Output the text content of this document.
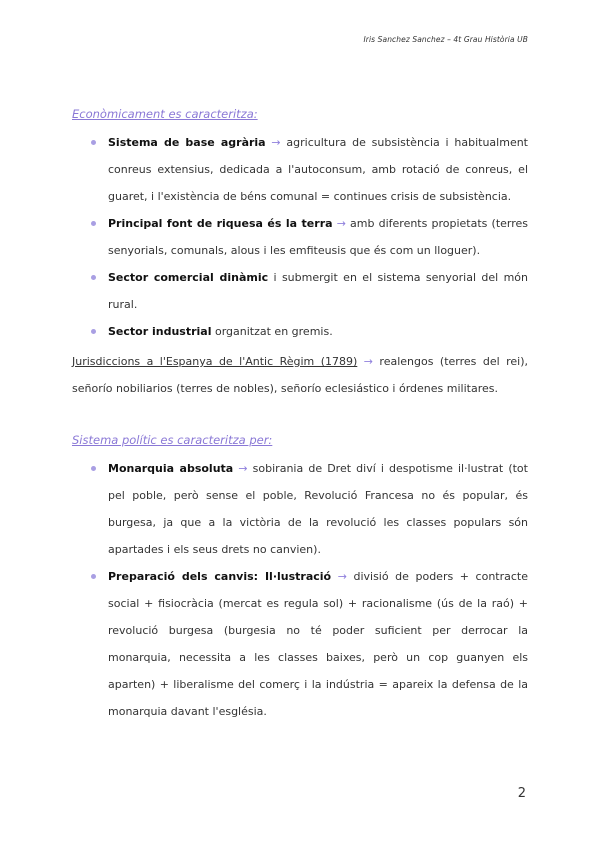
Iris Sanchez Sanchez – 4t Grau Història UB
Econòmicament es caracteritza:
Sistema de base agrària → agricultura de subsistència i habitualment conreus extensius, dedicada a l'autoconsum, amb rotació de conreus, el guaret, i l'existència de béns comunal = continues crisis de subsistència.
Principal font de riquesa és la terra → amb diferents propietats (terres senyorials, comunals, alous i les emfiteusis que és com un lloguer).
Sector comercial dinàmic i submergit en el sistema senyorial del món rural.
Sector industrial organitzat en gremis.
Jurisdiccions a l'Espanya de l'Antic Règim (1789) → realengos (terres del rei), señorío nobiliarios (terres de nobles), señorío eclesiástico i órdenes militares.
Sistema polític es caracteritza per:
Monarquia absoluta → sobirania de Dret diví i despotisme il·lustrat (tot pel poble, però sense el poble, Revolució Francesa no és popular, és burgesa, ja que a la victòria de la revolució les classes populars són apartades i els seus drets no canvien).
Preparació dels canvis: Il·lustració → divisió de poders + contracte social + fisiocràcia (mercat es regula sol) + racionalisme (ús de la raó) + revolució burgesa (burgesia no té poder suficient per derrocar la monarquia, necessita a les classes baixes, però un cop guanyen els aparten) + liberalisme del comerç i la indústria = apareix la defensa de la monarquia davant l'església.
2
